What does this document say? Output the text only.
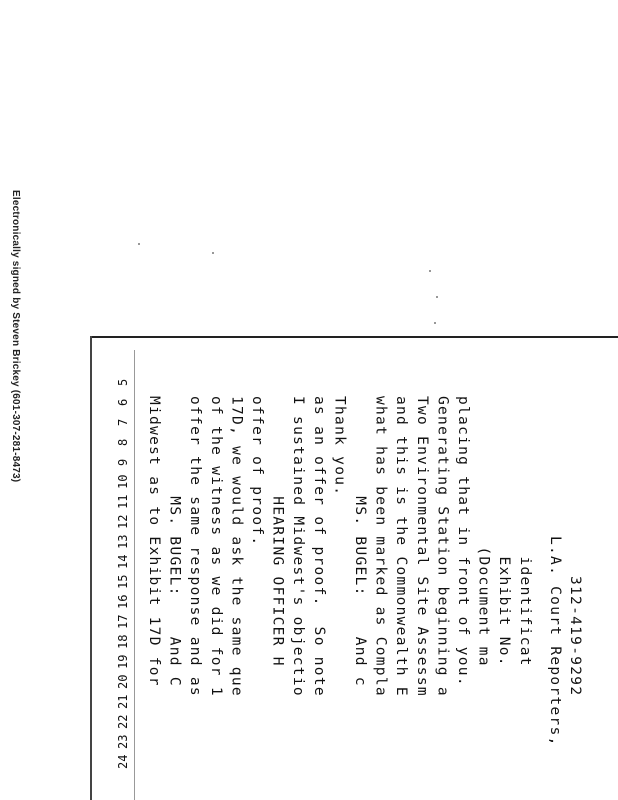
Electronically signed by Steven Brickey (601-307-281-8473)	5
6
7
8
9
10
11
12
13
14
15
16
17
18
19
20
21
22
23
24
Midwest as to Exhibit 17D for MS. BUGEL:    And C offer the same response and as of the witness as we did for 1 17D, we would ask the same que offer of proof. HEARING OFFICER H I sustained Midwest's objectio as an offer of proof.  So note Thank you. MS. BUGEL:    And c what has been marked as Compla and this is the Commonwealth E Two Environmental Site Assessm Generating Station beginning a placing that in front of you. (Document ma Exhibit No. identificat L.A. Court Reporters, 312-419-9292
